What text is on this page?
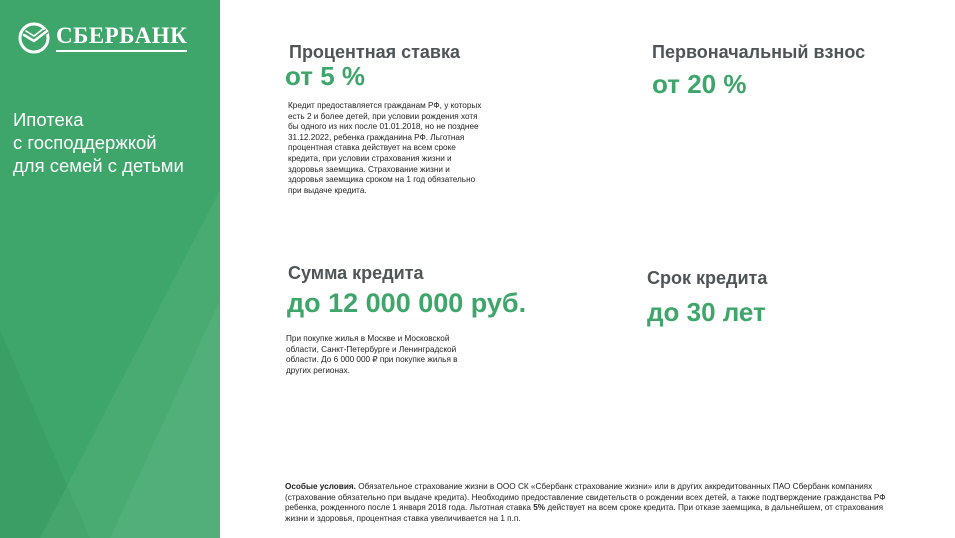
СБЕРБАНК
Ипотека
с господдержкой
для семей с детьми
Процентная ставка
от 5 %
Кредит предоставляется гражданам РФ, у которых есть 2 и более детей, при условии рождения хотя бы одного из них после 01.01.2018, но не позднее 31.12.2022, ребенка гражданина РФ. Льготная процентная ставка действует на всем сроке кредита, при условии страхования жизни и здоровья заемщика. Страхование жизни и здоровья заемщика сроком на 1 год обязательно при выдаче кредита.
Первоначальный взнос
от 20 %
Сумма кредита
до 12 000 000 руб.
При покупке жилья в Москве и Московской области, Санкт-Петербурге и Ленинградской области. До 6 000 000 ₽ при покупке жилья в других регионах.
Срок кредита
до 30 лет
Особые условия. Обязательное страхование жизни в ООО СК «Сбербанк страхование жизни» или в других аккредитованных ПАО Сбербанк компаниях (страхование обязательно при выдаче кредита). Необходимо предоставление свидетельств о рождении всех детей, а также подтверждение гражданства РФ ребенка, рожденного после 1 января 2018 года. Льготная ставка 5% действует на всем сроке кредита. При отказе заемщика, в дальнейшем, от страхования жизни и здоровья, процентная ставка увеличивается на 1 п.п.
